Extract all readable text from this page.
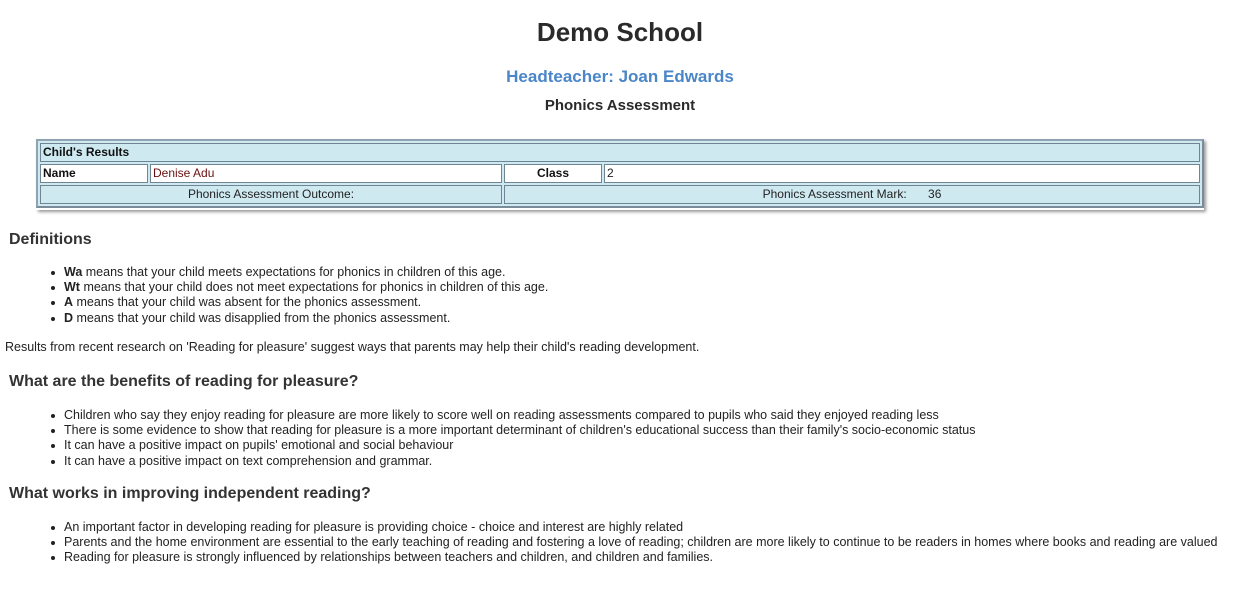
Demo School
Headteacher: Joan Edwards
Phonics Assessment
Child's Results			
Name	Denise Adu	Class	2
Phonics Assessment Outcome:		Phonics Assessment Mark: 36	
Definitions
Wa means that your child meets expectations for phonics in children of this age.
Wt means that your child does not meet expectations for phonics in children of this age.
A means that your child was absent for the phonics assessment.
D means that your child was disapplied from the phonics assessment.

Results from recent research on 'Reading for pleasure' suggest ways that parents may help their child's reading development.

What are the benefits of reading for pleasure?
Children who say they enjoy reading for pleasure are more likely to score well on reading assessments compared to pupils who said they enjoyed reading less
There is some evidence to show that reading for pleasure is a more important determinant of children's educational success than their family's socio-economic status
It can have a positive impact on pupils' emotional and social behaviour
It can have a positive impact on text comprehension and grammar.
What works in improving independent reading?
An important factor in developing reading for pleasure is providing choice - choice and interest are highly related
Parents and the home environment are essential to the early teaching of reading and fostering a love of reading; children are more likely to continue to be readers in homes where books and reading are valued
Reading for pleasure is strongly influenced by relationships between teachers and children, and children and families.
